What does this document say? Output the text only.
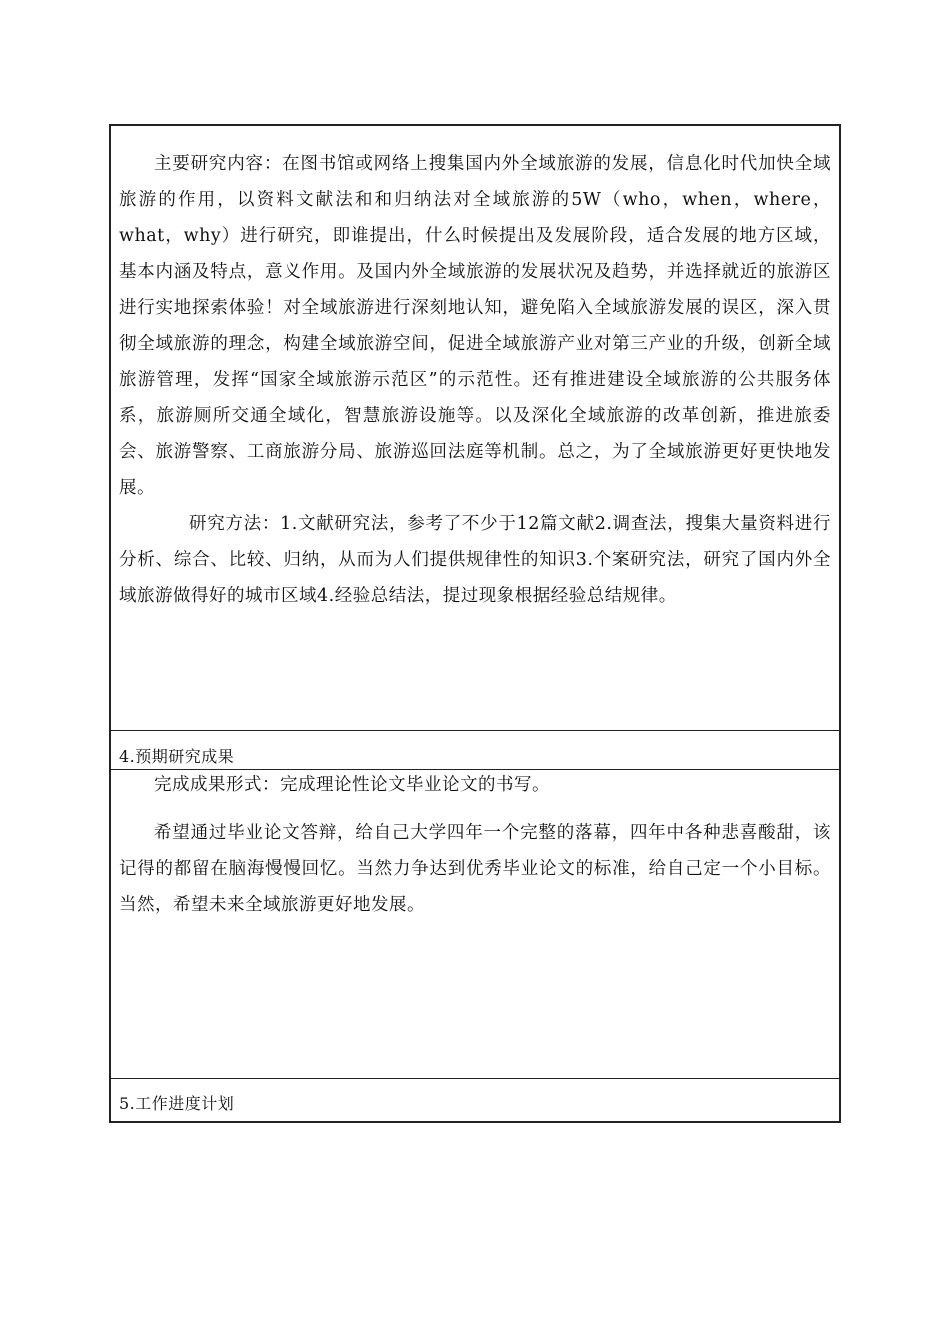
主要研究内容：在图书馆或网络上搜集国内外全域旅游的发展，信息化时代加快全域旅游的作用，以资料文献法和和归纳法对全域旅游的5W（who，when，where，what，why）进行研究，即谁提出，什么时候提出及发展阶段，适合发展的地方区域，基本内涵及特点，意义作用。及国内外全域旅游的发展状况及趋势，并选择就近的旅游区进行实地探索体验！对全域旅游进行深刻地认知，避免陷入全域旅游发展的误区，深入贯彻全域旅游的理念，构建全域旅游空间，促进全域旅游产业对第三产业的升级，创新全域旅游管理，发挥“国家全域旅游示范区”的示范性。还有推进建设全域旅游的公共服务体系，旅游厕所交通全域化，智慧旅游设施等。以及深化全域旅游的改革创新，推进旅委会、旅游警察、工商旅游分局、旅游巡回法庭等机制。总之，为了全域旅游更好更快地发展。

研究方法：1.文献研究法，参考了不少于12篇文献2.调查法，搜集大量资料进行分析、综合、比较、归纳，从而为人们提供规律性的知识3.个案研究法，研究了国内外全域旅游做得好的城市区域4.经验总结法，提过现象根据经验总结规律。

4.预期研究成果

完成成果形式：完成理论性论文毕业论文的书写。

希望通过毕业论文答辩，给自己大学四年一个完整的落幕，四年中各种悲喜酸甜，该记得的都留在脑海慢慢回忆。当然力争达到优秀毕业论文的标准，给自己定一个小目标。当然，希望未来全域旅游更好地发展。

5.工作进度计划
